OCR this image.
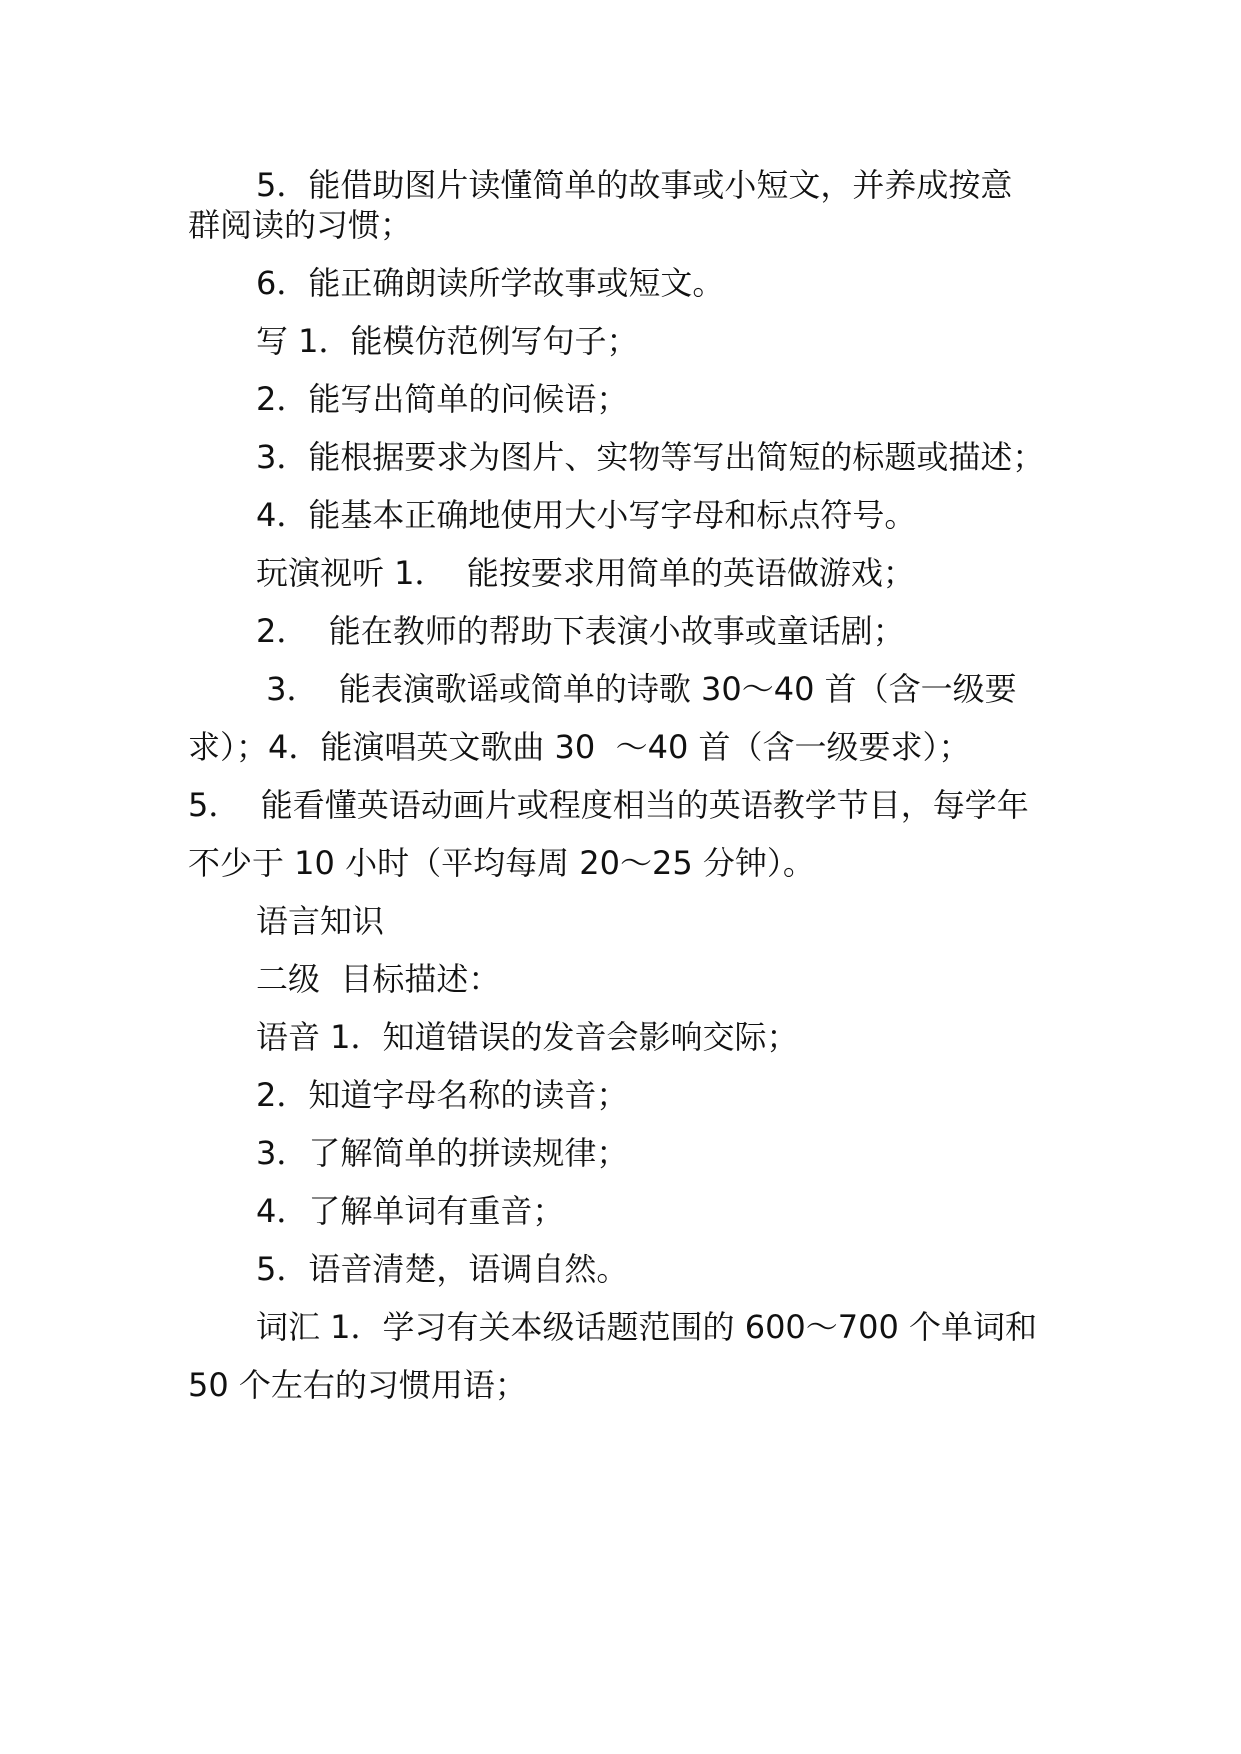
5．能借助图片读懂简单的故事或小短文，并养成按意
群阅读的习惯；
6．能正确朗读所学故事或短文。
写 1．能模仿范例写句子；
2．能写出简单的问候语；
3．能根据要求为图片、实物等写出简短的标题或描述；
4．能基本正确地使用大小写字母和标点符号。
玩演视听 1．  能按要求用简单的英语做游戏；
2．  能在教师的帮助下表演小故事或童话剧；
3．  能表演歌谣或简单的诗歌 30～40 首（含一级要
求）；4．能演唱英文歌曲 30  ～40 首（含一级要求）；
5．  能看懂英语动画片或程度相当的英语教学节目，每学年
不少于 10 小时（平均每周 20～25 分钟）。
语言知识
二级  目标描述：
语音 1．知道错误的发音会影响交际；
2．知道字母名称的读音；
3．了解简单的拼读规律；
4．了解单词有重音；
5．语音清楚，语调自然。
词汇 1．学习有关本级话题范围的 600～700 个单词和
50 个左右的习惯用语；
